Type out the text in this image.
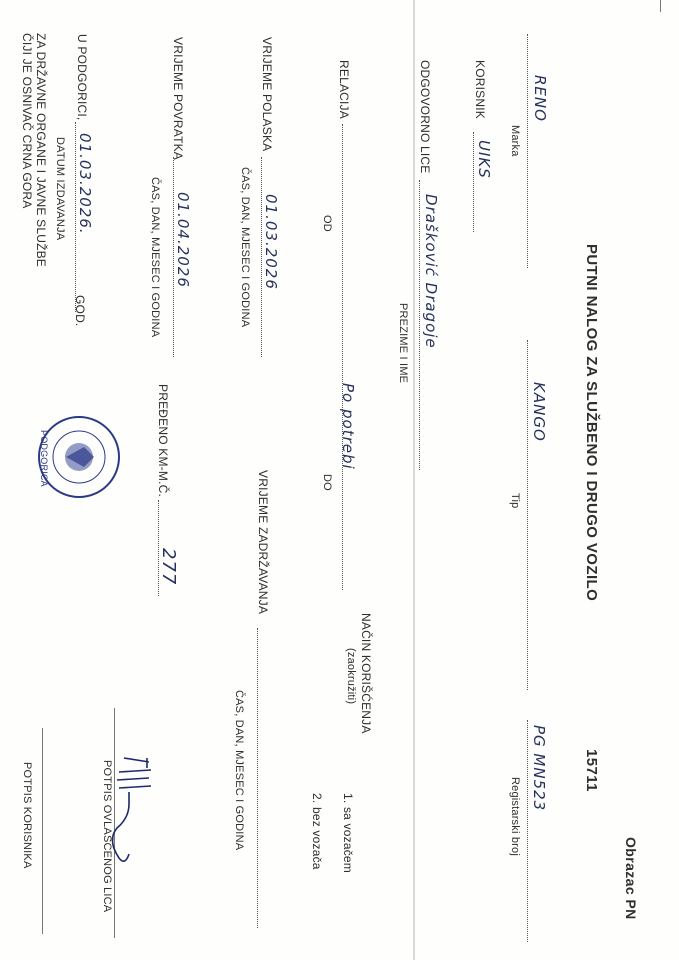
ZA DRŽAVNE ORGANE I JAVNE SLUŽBE
ČIJI JE OSNIVAČ CRNA GORA
Obrazac PN
PUTNI NALOG ZA SLUŽBENO I DRUGO VOZILO
15711
RENO
Marka
KANGO
Tip
PG MN523
Registarski broj
KORISNIK
UIKS
ODGOVORNO LICE
Drašković Dragoje
PREZIME I IME
NAČIN KORIŠĆENJA
(zaokružiti)
1. sa vozačem
2. bez vozača
RELACIJA
OD
Po potrebi
DO
VRIJEME POLASKA
01.03.2026
ČAS, DAN, MJESEC I GODINA
VRIJEME ZADRŽAVANJA
ČAS, DAN, MJESEC I GODINA
VRIJEME POVRATKA
01.04.2026
ČAS, DAN, MJESEC I GODINA
PREĐENO KM-M.Č.
277
POTPIS OVLAŠĆENOG LICA
U PODGORICI,
01.03.2026.
GOD.
DATUM IZDAVANJA
PODGORICA
POTPIS KORISNIKA
